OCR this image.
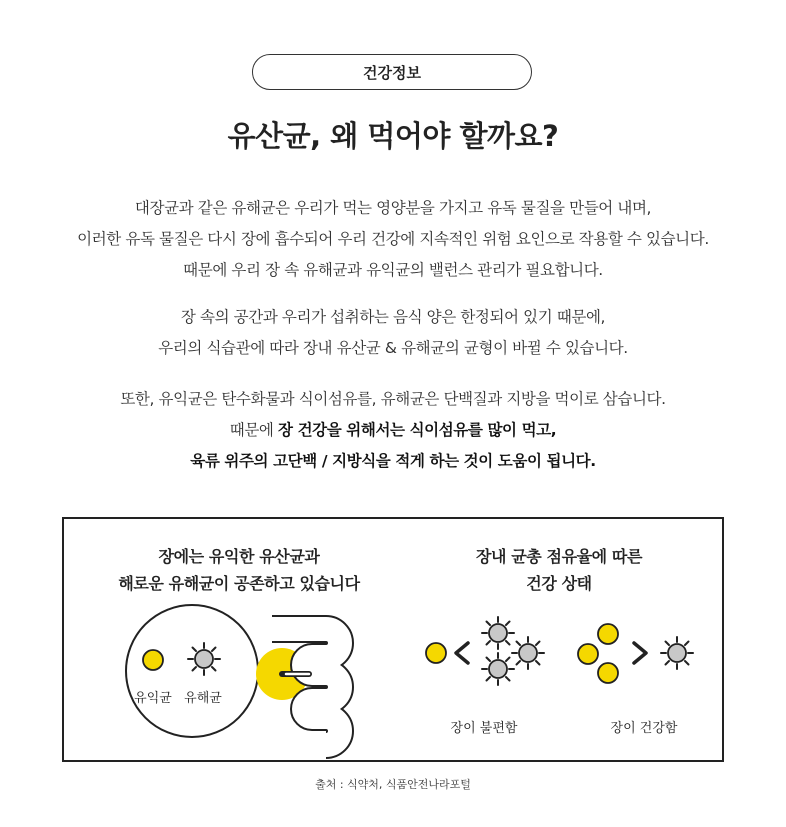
건강정보
유산균, 왜 먹어야 할까요?
대장균과 같은 유해균은 우리가 먹는 영양분을 가지고 유독 물질을 만들어 내며,
이러한 유독 물질은 다시 장에 흡수되어 우리 건강에 지속적인 위험 요인으로 작용할 수 있습니다.
때문에 우리 장 속 유해균과 유익균의 밸런스 관리가 필요합니다.
장 속의 공간과 우리가 섭취하는 음식 양은 한정되어 있기 때문에,
우리의 식습관에 따라 장내 유산균 & 유해균의 균형이 바뀔 수 있습니다.
또한, 유익균은 탄수화물과 식이섬유를, 유해균은 단백질과 지방을 먹이로 삼습니다.
때문에 장 건강을 위해서는 식이섬유를 많이 먹고,
육류 위주의 고단백 / 지방식을 적게 하는 것이 도움이 됩니다.
장에는 유익한 유산균과
해로운 유해균이 공존하고 있습니다
장내 균총 점유율에 따른
건강 상태
유익균 유해균
장이 불편함	장이 건강함
출처 : 식약처, 식품안전나라포털
